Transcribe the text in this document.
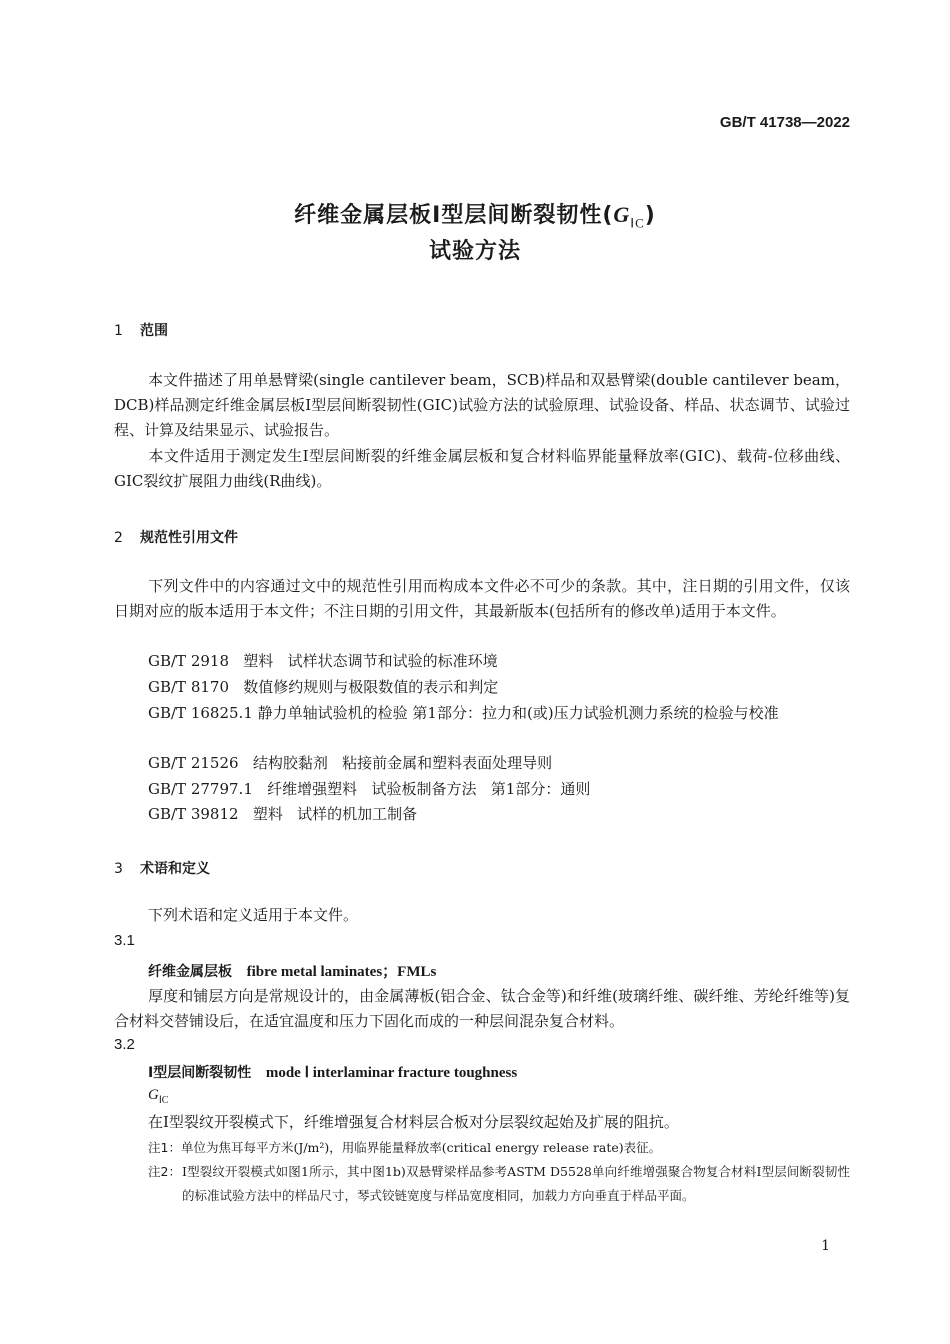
GB/T 41738—2022
纤维金属层板Ⅰ型层间断裂韧性$(G_{ⅠC})$
试验方法
1 范围
本文件描述了用单悬臂梁(single cantilever beam，SCB)样品和双悬臂梁(double cantilever beam，DCB)样品测定纤维金属层板Ⅰ型层间断裂韧性(GⅠC)试验方法的试验原理、试验设备、样品、状态调节、试验过程、计算及结果显示、试验报告。
本文件适用于测定发生Ⅰ型层间断裂的纤维金属层板和复合材料临界能量释放率(GⅠC)、载荷-位移曲线、GⅠC裂纹扩展阻力曲线(R曲线)。
2 规范性引用文件
下列文件中的内容通过文中的规范性引用而构成本文件必不可少的条款。其中，注日期的引用文件，仅该日期对应的版本适用于本文件；不注日期的引用文件，其最新版本(包括所有的修改单)适用于本文件。
GB/T 2918   塑料   试样状态调节和试验的标准环境
GB/T 8170   数值修约规则与极限数值的表示和判定
GB/T 16825.1 静力单轴试验机的检验 第1部分：拉力和(或)压力试验机测力系统的检验与校准
GB/T 21526   结构胶黏剂   粘接前金属和塑料表面处理导则
GB/T 27797.1   纤维增强塑料   试验板制备方法   第1部分：通则
GB/T 39812   塑料   试样的机加工制备
3 术语和定义
下列术语和定义适用于本文件。
3.1
纤维金属层板 fibre metal laminates；FMLs
厚度和铺层方向是常规设计的，由金属薄板(铝合金、钛合金等)和纤维(玻璃纤维、碳纤维、芳纶纤维等)复合材料交替铺设后，在适宜温度和压力下固化而成的一种层间混杂复合材料。
3.2
Ⅰ型层间断裂韧性 mode Ⅰ interlaminar fracture toughness
$G_{ⅠC}$
在Ⅰ型裂纹开裂模式下，纤维增强复合材料层合板对分层裂纹起始及扩展的阻抗。
注1：单位为焦耳每平方米(J/m²)，用临界能量释放率(critical energy release rate)表征。
注2： Ⅰ型裂纹开裂模式如图1所示，其中图1b)双悬臂梁样品参考ASTM D5528单向纤维增强聚合物复合材料Ⅰ型层间断裂韧性的标准试验方法中的样品尺寸，琴式铰链宽度与样品宽度相同，加载力方向垂直于样品平面。
1
